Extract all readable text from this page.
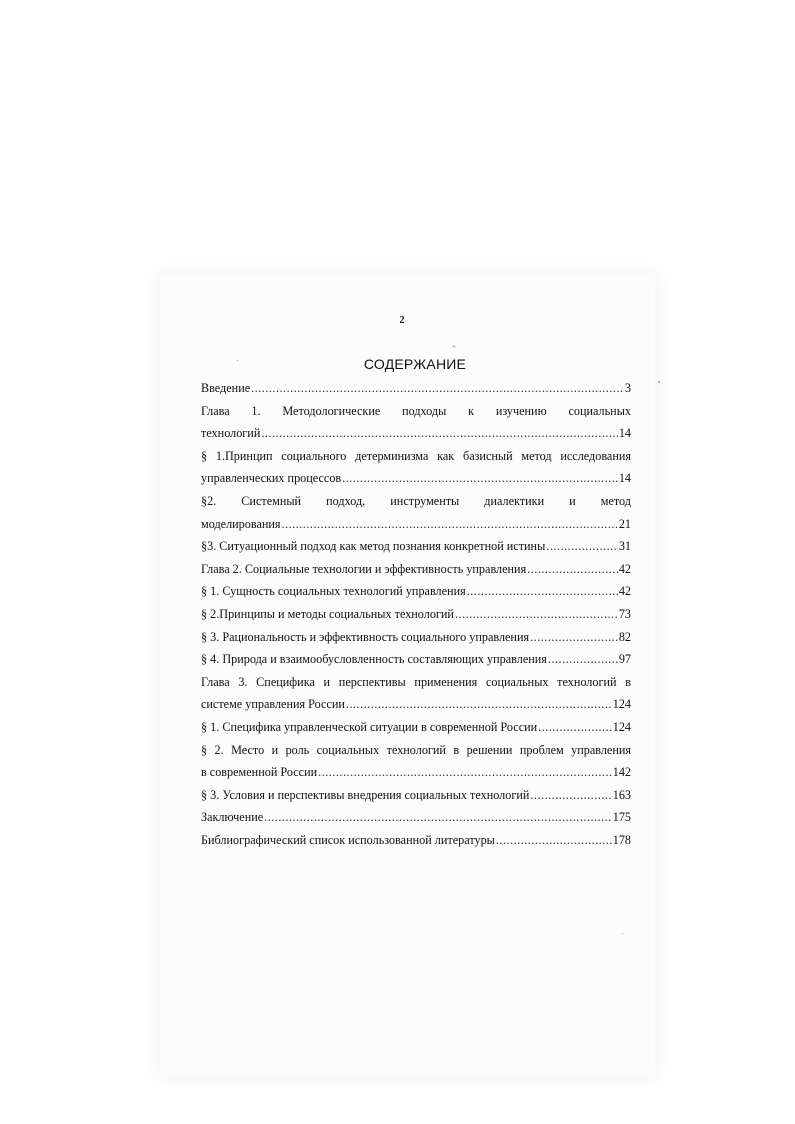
2
СОДЕРЖАНИЕ
Введение .....	3
Глава 1. Методологические подходы к изучению социальных
технологий .....	14
§ 1.Принцип социального детерминизма как базисный метод исследования
управленческих процессов .....	14
§2. Системный подход, инструменты диалектики и метод
моделирования .....	21
§3. Ситуационный подход как метод познания конкретной истины .....	31
Глава 2. Социальные технологии и эффективность управления .....	42
§ 1. Сущность социальных технологий управления .....	42
§ 2.Принципы и методы социальных технологий .....	73
§ 3. Рациональность и эффективность социального управления .....	82
§ 4. Природа и взаимообусловленность составляющих управления .....	97
Глава 3. Специфика и перспективы применения социальных технологий в
системе управления России .....	124
§ 1. Специфика управленческой ситуации в современной России .....	124
§ 2. Место и роль социальных технологий в решении проблем управления
в современной России .....	142
§ 3. Условия и перспективы внедрения социальных технологий .....	163
Заключение .....	175
Библиографический список использованной литературы .....	178
